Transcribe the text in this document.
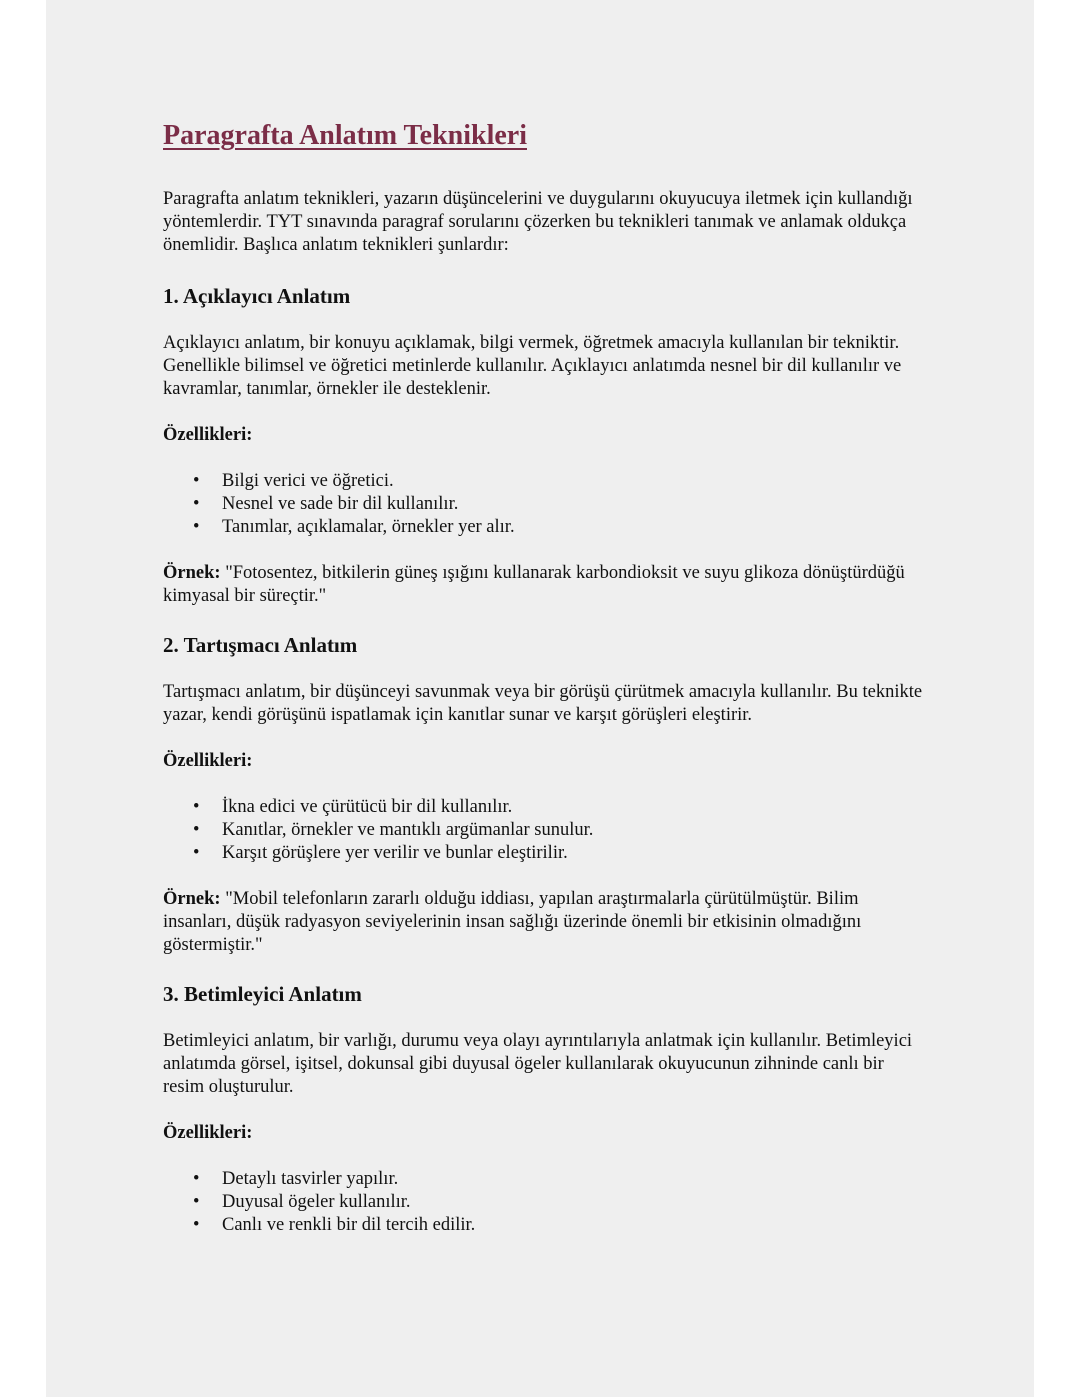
Paragrafta Anlatım Teknikleri

Paragrafta anlatım teknikleri, yazarın düşüncelerini ve duygularını okuyucuya iletmek için kullandığı yöntemlerdir. TYT sınavında paragraf sorularını çözerken bu teknikleri tanımak ve anlamak oldukça önemlidir. Başlıca anlatım teknikleri şunlardır:

1. Açıklayıcı Anlatım

Açıklayıcı anlatım, bir konuyu açıklamak, bilgi vermek, öğretmek amacıyla kullanılan bir tekniktir. Genellikle bilimsel ve öğretici metinlerde kullanılır. Açıklayıcı anlatımda nesnel bir dil kullanılır ve kavramlar, tanımlar, örnekler ile desteklenir.

Özellikleri:

• Bilgi verici ve öğretici.
• Nesnel ve sade bir dil kullanılır.
• Tanımlar, açıklamalar, örnekler yer alır.

Örnek: "Fotosentez, bitkilerin güneş ışığını kullanarak karbondioksit ve suyu glikoza dönüştürdüğü kimyasal bir süreçtir."

2. Tartışmacı Anlatım

Tartışmacı anlatım, bir düşünceyi savunmak veya bir görüşü çürütmek amacıyla kullanılır. Bu teknikte yazar, kendi görüşünü ispatlamak için kanıtlar sunar ve karşıt görüşleri eleştirir.

Özellikleri:

• İkna edici ve çürütücü bir dil kullanılır.
• Kanıtlar, örnekler ve mantıklı argümanlar sunulur.
• Karşıt görüşlere yer verilir ve bunlar eleştirilir.

Örnek: "Mobil telefonların zararlı olduğu iddiası, yapılan araştırmalarla çürütülmüştür. Bilim insanları, düşük radyasyon seviyelerinin insan sağlığı üzerinde önemli bir etkisinin olmadığını göstermiştir."

3. Betimleyici Anlatım

Betimleyici anlatım, bir varlığı, durumu veya olayı ayrıntılarıyla anlatmak için kullanılır. Betimleyici anlatımda görsel, işitsel, dokunsal gibi duyusal ögeler kullanılarak okuyucunun zihninde canlı bir resim oluşturulur.

Özellikleri:

• Detaylı tasvirler yapılır.
• Duyusal ögeler kullanılır.
• Canlı ve renkli bir dil tercih edilir.
